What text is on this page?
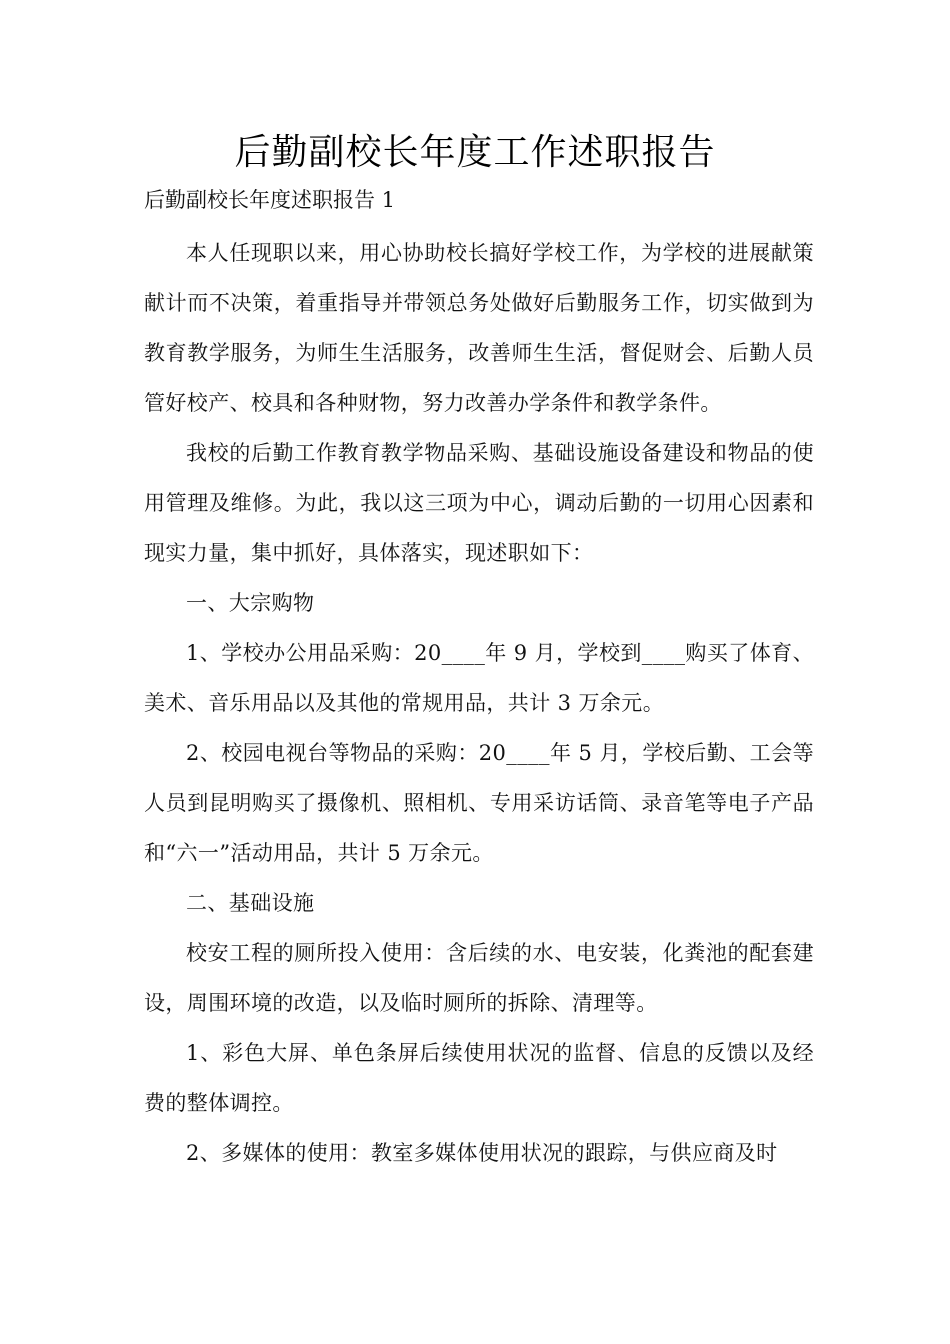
后勤副校长年度工作述职报告
后勤副校长年度述职报告 1

本人任现职以来，用心协助校长搞好学校工作，为学校的进展献策献计而不决策，着重指导并带领总务处做好后勤服务工作，切实做到为教育教学服务，为师生生活服务，改善师生生活，督促财会、后勤人员管好校产、校具和各种财物，努力改善办学条件和教学条件。

我校的后勤工作教育教学物品采购、基础设施设备建设和物品的使用管理及维修。为此，我以这三项为中心，调动后勤的一切用心因素和现实力量，集中抓好，具体落实，现述职如下：

一、大宗购物

1、学校办公用品采购：20____年 9 月，学校到____购买了体育、美术、音乐用品以及其他的常规用品，共计 3 万余元。

2、校园电视台等物品的采购：20____年 5 月，学校后勤、工会等人员到昆明购买了摄像机、照相机、专用采访话筒、录音笔等电子产品和“六一”活动用品，共计 5 万余元。

二、基础设施

校安工程的厕所投入使用：含后续的水、电安装，化粪池的配套建设，周围环境的改造，以及临时厕所的拆除、清理等。

1、彩色大屏、单色条屏后续使用状况的监督、信息的反馈以及经费的整体调控。

2、多媒体的使用：教室多媒体使用状况的跟踪，与供应商及时
